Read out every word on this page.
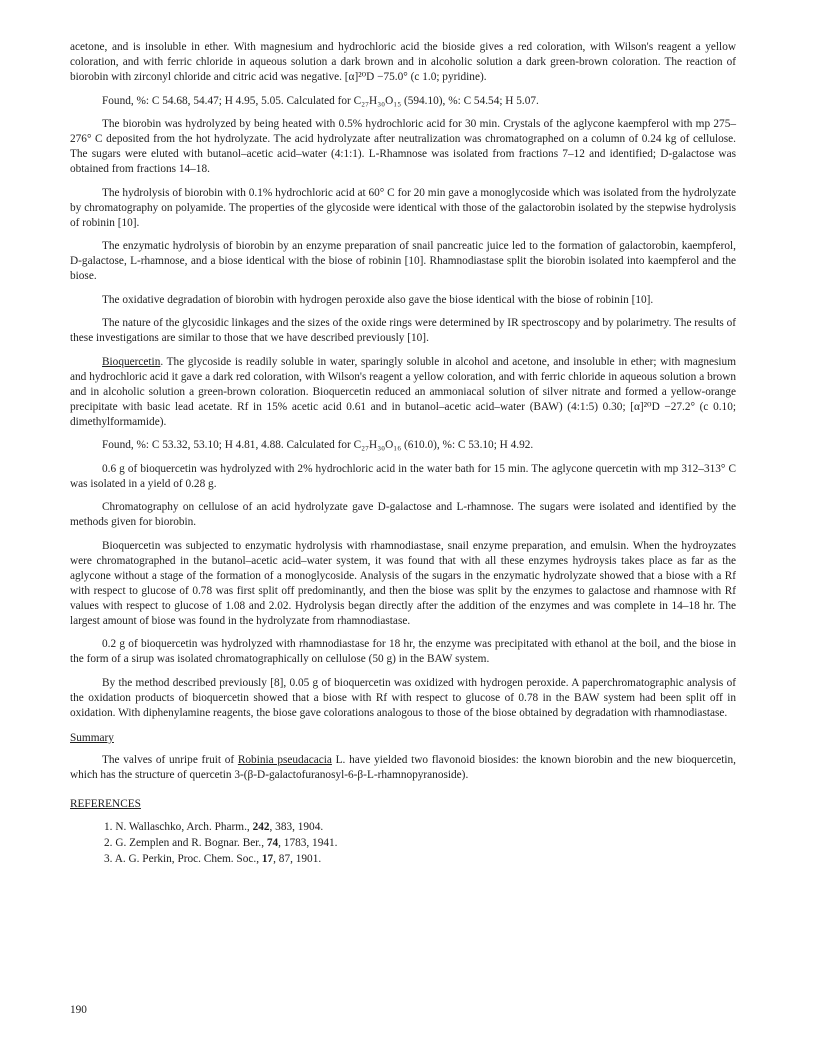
acetone, and is insoluble in ether. With magnesium and hydrochloric acid the bioside gives a red coloration, with Wilson's reagent a yellow coloration, and with ferric chloride in aqueous solution a dark brown and in alcoholic solution a dark green-brown coloration. The reaction of biorobin with zirconyl chloride and citric acid was negative. [α]²⁰D −75.0° (c 1.0; pyridine).

Found, %: C 54.68, 54.47; H 4.95, 5.05. Calculated for C₂₇H₃₀O₁₅ (594.10), %: C 54.54; H 5.07.

The biorobin was hydrolyzed by being heated with 0.5% hydrochloric acid for 30 min. Crystals of the aglycone kaempferol with mp 275–276° C deposited from the hot hydrolyzate. The acid hydrolyzate after neutralization was chromatographed on a column of 0.24 kg of cellulose. The sugars were eluted with butanol–acetic acid–water (4:1:1). L-Rhamnose was isolated from fractions 7–12 and identified; D-galactose was obtained from fractions 14–18.

The hydrolysis of biorobin with 0.1% hydrochloric acid at 60° C for 20 min gave a monoglycoside which was isolated from the hydrolyzate by chromatography on polyamide. The properties of the glycoside were identical with those of the galactorobin isolated by the stepwise hydrolysis of robinin [10].

The enzymatic hydrolysis of biorobin by an enzyme preparation of snail pancreatic juice led to the formation of galactorobin, kaempferol, D-galactose, L-rhamnose, and a biose identical with the biose of robinin [10]. Rhamnodiastase split the biorobin isolated into kaempferol and the biose.

The oxidative degradation of biorobin with hydrogen peroxide also gave the biose identical with the biose of robinin [10].

The nature of the glycosidic linkages and the sizes of the oxide rings were determined by IR spectroscopy and by polarimetry. The results of these investigations are similar to those that we have described previously [10].

Bioquercetin. The glycoside is readily soluble in water, sparingly soluble in alcohol and acetone, and insoluble in ether; with magnesium and hydrochloric acid it gave a dark red coloration, with Wilson's reagent a yellow coloration, and with ferric chloride in aqueous solution a brown and in alcoholic solution a green-brown coloration. Bioquercetin reduced an ammoniacal solution of silver nitrate and formed a yellow-orange precipitate with basic lead acetate. Rf in 15% acetic acid 0.61 and in butanol–acetic acid–water (BAW) (4:1:5) 0.30; [α]²⁰D −27.2° (c 0.10; dimethylformamide).

Found, %: C 53.32, 53.10; H 4.81, 4.88. Calculated for C₂₇H₃₀O₁₆ (610.0), %: C 53.10; H 4.92.

0.6 g of bioquercetin was hydrolyzed with 2% hydrochloric acid in the water bath for 15 min. The aglycone quercetin with mp 312–313° C was isolated in a yield of 0.28 g.

Chromatography on cellulose of an acid hydrolyzate gave D-galactose and L-rhamnose. The sugars were isolated and identified by the methods given for biorobin.

Bioquercetin was subjected to enzymatic hydrolysis with rhamnodiastase, snail enzyme preparation, and emulsin. When the hydroyzates were chromatographed in the butanol–acetic acid–water system, it was found that with all these enzymes hydroysis takes place as far as the aglycone without a stage of the formation of a monoglycoside. Analysis of the sugars in the enzymatic hydrolyzate showed that a biose with a Rf with respect to glucose of 0.78 was first split off predominantly, and then the biose was split by the enzymes to galactose and rhamnose with Rf values with respect to glucose of 1.08 and 2.02. Hydrolysis began directly after the addition of the enzymes and was complete in 14–18 hr. The largest amount of biose was found in the hydrolyzate from rhamnodiastase.

0.2 g of bioquercetin was hydrolyzed with rhamnodiastase for 18 hr, the enzyme was precipitated with ethanol at the boil, and the biose in the form of a sirup was isolated chromatographically on cellulose (50 g) in the BAW system.

By the method described previously [8], 0.05 g of bioquercetin was oxidized with hydrogen peroxide. A paperchromatographic analysis of the oxidation products of bioquercetin showed that a biose with Rf with respect to glucose of 0.78 in the BAW system had been split off in oxidation. With diphenylamine reagents, the biose gave colorations analogous to those of the biose obtained by degradation with rhamnodiastase.

Summary

The valves of unripe fruit of Robinia pseudacacia L. have yielded two flavonoid biosides: the known biorobin and the new bioquercetin, which has the structure of quercetin 3-(β-D-galactofuranosyl-6-β-L-rhamnopyranoside).

REFERENCES
1. N. Wallaschko, Arch. Pharm., 242, 383, 1904.
2. G. Zemplen and R. Bognar. Ber., 74, 1783, 1941.
3. A. G. Perkin, Proc. Chem. Soc., 17, 87, 1901.
190
